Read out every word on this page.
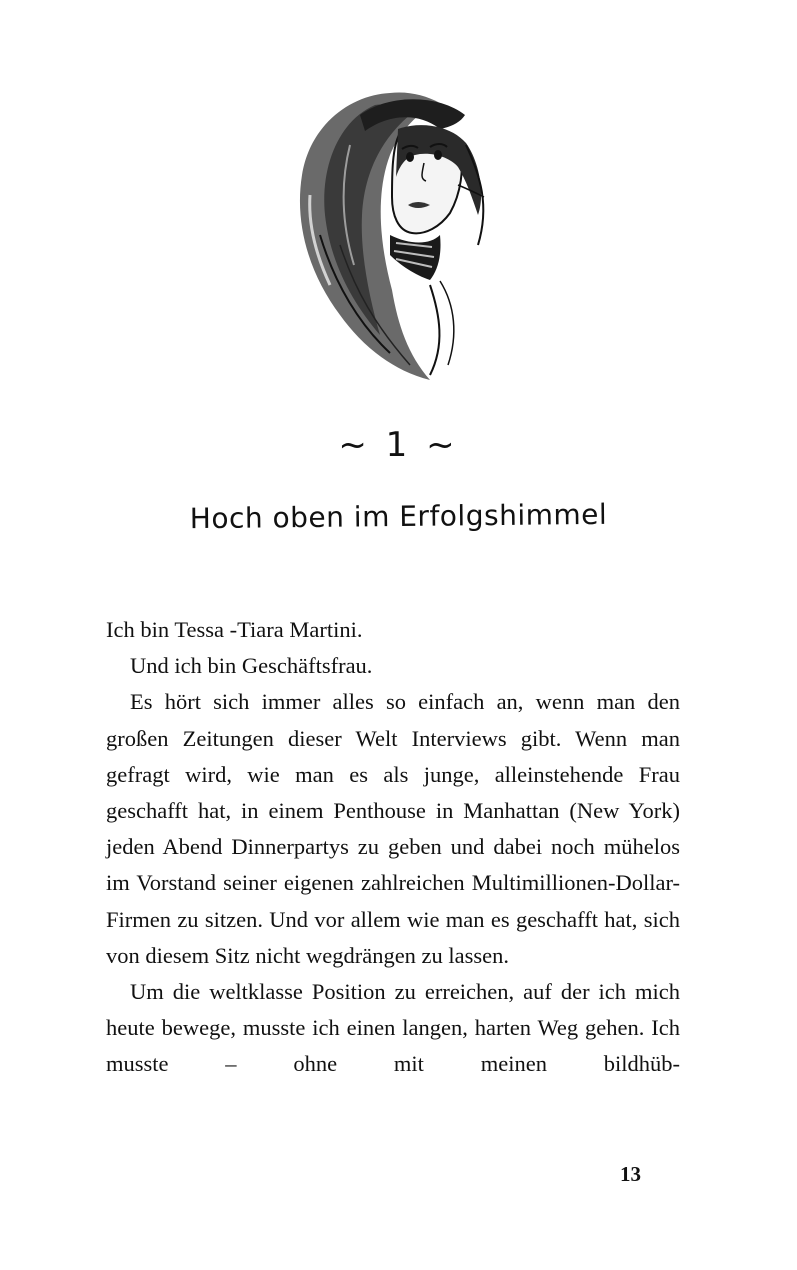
~ 1 ~
Hoch oben im Erfolgshimmel

Ich bin Tessa -Tiara Martini.

Und ich bin Geschäftsfrau.

Es hört sich immer alles so einfach an, wenn man den großen Zeitungen dieser Welt Interviews gibt. Wenn man gefragt wird, wie man es als junge, alleinstehende Frau geschafft hat, in einem Penthouse in Manhattan (New York) jeden Abend Dinnerpartys zu geben und dabei noch mühelos im Vorstand seiner eigenen zahlreichen Multimillionen-Dollar-Firmen zu sitzen. Und vor allem wie man es geschafft hat, sich von diesem Sitz nicht wegdrängen zu lassen.

Um die weltklasse Position zu erreichen, auf der ich mich heute bewege, musste ich einen langen, harten Weg gehen. Ich musste – ohne mit meinen bildhüb-

13
